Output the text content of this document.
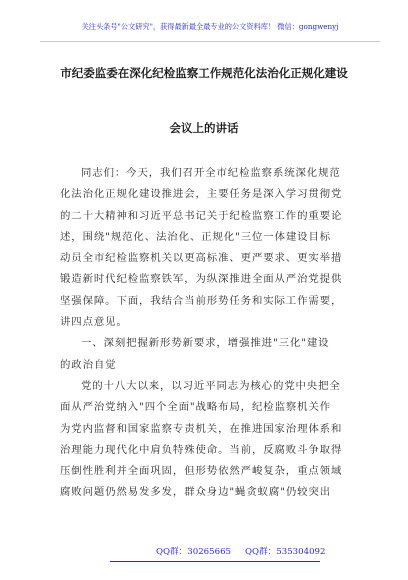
关注头条号"公文研究"，获得最新最全最专业的公文资料库！ 微信：gongwenyj
市纪委监委在深化纪检监察工作规范化法治化正规化建设
会议上的讲话
同志们：今天，我们召开全市纪检监察系统深化规范
化法治化正规化建设推进会，主要任务是深入学习贯彻党
的二十大精神和习近平总书记关于纪检监察工作的重要论
述，围绕"规范化、法治化、正规化"三位一体建设目标
动员全市纪检监察机关以更高标准、更严要求、更实举措
锻造新时代纪检监察铁军，为纵深推进全面从严治党提供
坚强保障。下面，我结合当前形势任务和实际工作需要，
讲四点意见。
一、深刻把握新形势新要求，增强推进"三化"建设
的政治自觉
党的十八大以来，以习近平同志为核心的党中央把全
面从严治党纳入"四个全面"战略布局，纪检监察机关作
为党内监督和国家监察专责机关，在推进国家治理体系和
治理能力现代化中肩负特殊使命。当前，反腐败斗争取得
压倒性胜利并全面巩固，但形势依然严峻复杂，重点领域
腐败问题仍然易发多发，群众身边"蝇贪蚁腐"仍较突出
QQ群：30265665 QQ群：535304092
